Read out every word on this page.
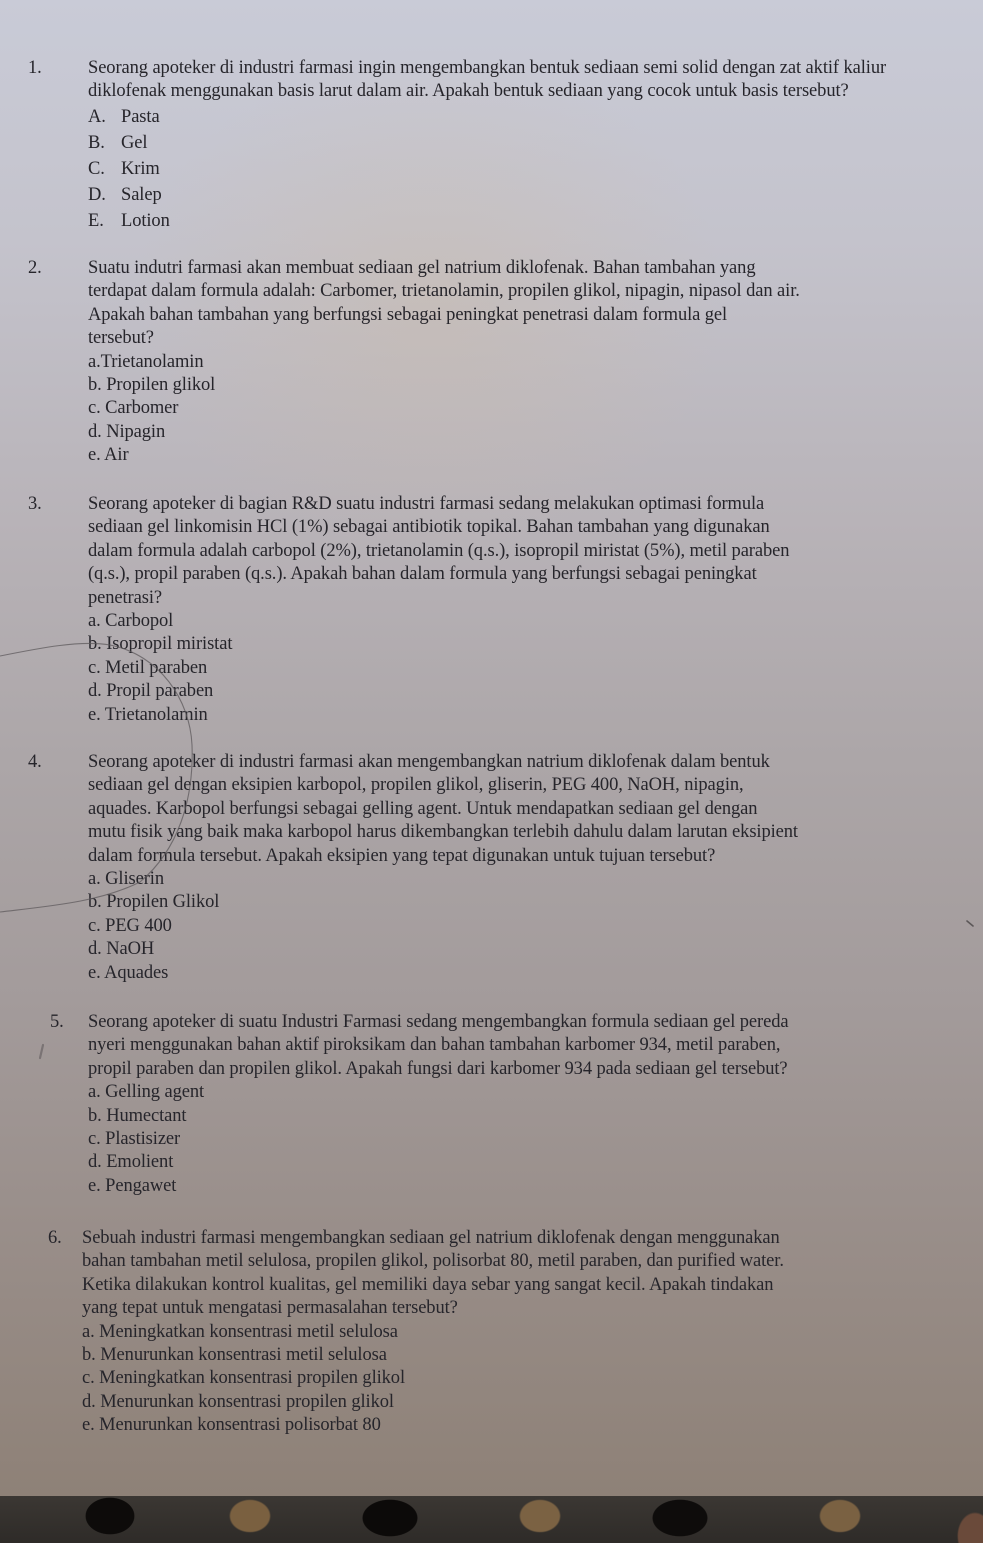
1.	Seorang apoteker di industri farmasi ingin mengembangkan bentuk sediaan semi solid dengan zat aktif kaliur
diklofenak menggunakan basis larut dalam air. Apakah bentuk sediaan yang cocok untuk basis tersebut?
A. Pasta
B. Gel
C. Krim
D. Salep
E. Lotion
2.	Suatu indutri farmasi akan membuat sediaan gel natrium diklofenak. Bahan tambahan yang
terdapat dalam formula adalah: Carbomer, trietanolamin, propilen glikol, nipagin, nipasol dan air.
Apakah bahan tambahan yang berfungsi sebagai peningkat penetrasi dalam formula gel
tersebut?
a.Trietanolamin
b. Propilen glikol
c. Carbomer
d. Nipagin
e. Air
3.	Seorang apoteker di bagian R&D suatu industri farmasi sedang melakukan optimasi formula
sediaan gel linkomisin HCl (1%) sebagai antibiotik topikal. Bahan tambahan yang digunakan
dalam formula adalah carbopol (2%), trietanolamin (q.s.), isopropil miristat (5%), metil paraben
(q.s.), propil paraben (q.s.). Apakah bahan dalam formula yang berfungsi sebagai peningkat
penetrasi?
a. Carbopol
b. Isopropil miristat
c. Metil paraben
d. Propil paraben
e. Trietanolamin
4.	Seorang apoteker di industri farmasi akan mengembangkan natrium diklofenak dalam bentuk
sediaan gel dengan eksipien karbopol, propilen glikol, gliserin, PEG 400, NaOH, nipagin,
aquades. Karbopol berfungsi sebagai gelling agent. Untuk mendapatkan sediaan gel dengan
mutu fisik yang baik maka karbopol harus dikembangkan terlebih dahulu dalam larutan eksipient
dalam formula tersebut. Apakah eksipien yang tepat digunakan untuk tujuan tersebut?
a. Gliserin
b. Propilen Glikol
c. PEG 400
d. NaOH
e. Aquades
5. Seorang apoteker di suatu Industri Farmasi sedang mengembangkan formula sediaan gel pereda
nyeri menggunakan bahan aktif piroksikam dan bahan tambahan karbomer 934, metil paraben,
propil paraben dan propilen glikol. Apakah fungsi dari karbomer 934 pada sediaan gel tersebut?
a. Gelling agent
b. Humectant
c. Plastisizer
d. Emolient
e. Pengawet
6. Sebuah industri farmasi mengembangkan sediaan gel natrium diklofenak dengan menggunakan
bahan tambahan metil selulosa, propilen glikol, polisorbat 80, metil paraben, dan purified water.
Ketika dilakukan kontrol kualitas, gel memiliki daya sebar yang sangat kecil. Apakah tindakan
yang tepat untuk mengatasi permasalahan tersebut?
a. Meningkatkan konsentrasi metil selulosa
b. Menurunkan konsentrasi metil selulosa
c. Meningkatkan konsentrasi propilen glikol
d. Menurunkan konsentrasi propilen glikol
e. Menurunkan konsentrasi polisorbat 80
